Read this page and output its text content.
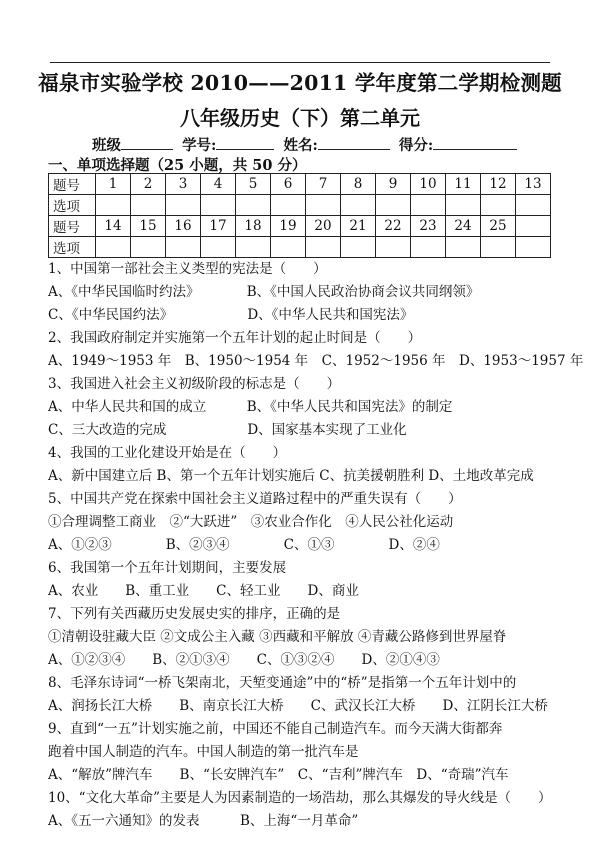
福泉市实验学校 2010——2011 学年度第二学期检测题
八年级历史（下）第二单元
班级	学号:	姓名:	得分:
一、单项选择题（25 小题，共 50 分）
题号	1	2	3	4	5	6	7	8	9	10	11	12	13
选项													
题号	14	15	16	17	18	19	20	21	22	23	24	25	
选项													
1、中国第一部社会主义类型的宪法是（　　）
A、《中华民国临时约法》　　　　B、《中国人民政治协商会议共同纲领》
C、《中华民国约法》　　　　　　D、《中华人民共和国宪法》
2、我国政府制定并实施第一个五年计划的起止时间是（　　）
A、1949～1953 年　B、1950～1954 年　C、1952～1956 年　D、1953～1957 年
3、我国进入社会主义初级阶段的标志是（　　）
A、中华人民共和国的成立　　　B、《中华人民共和国宪法》的制定
C、三大改造的完成　　　　　　D、国家基本实现了工业化
4、我国的工业化建设开始是在（　　）
A、新中国建立后 B、第一个五年计划实施后 C、抗美援朝胜利 D、土地改革完成
5、中国共产党在探索中国社会主义道路过程中的严重失误有（　　）
①合理调整工商业　②“大跃进”　③农业合作化　④人民公社化运动
A、①②③　　　　B、②③④　　　　C、①③　　　　D、②④
6、我国第一个五年计划期间，主要发展
A、农业　　B、重工业　　C、轻工业　　D、商业
7、下列有关西藏历史发展史实的排序，正确的是
①清朝设驻藏大臣 ②文成公主入藏 ③西藏和平解放 ④青藏公路修到世界屋脊
A、①②③④　　B、②①③④　　C、①③②④　　D、②①④③
8、毛泽东诗词“一桥飞架南北，天堑变通途”中的“桥”是指第一个五年计划中的
A、润扬长江大桥　　B、南京长江大桥　　C、武汉长江大桥　　D、江阴长江大桥
9、直到“一五”计划实施之前，中国还不能自己制造汽车。而今天满大街都奔
跑着中国人制造的汽车。中国人制造的第一批汽车是
A、“解放”牌汽车　　B、“长安牌汽车”　C、“吉利”牌汽车　D、“奇瑞”汽车
10、“文化大革命”主要是人为因素制造的一场浩劫，那么其爆发的导火线是（　　）
A、《五一六通知》的发表　　　B、上海“一月革命”
